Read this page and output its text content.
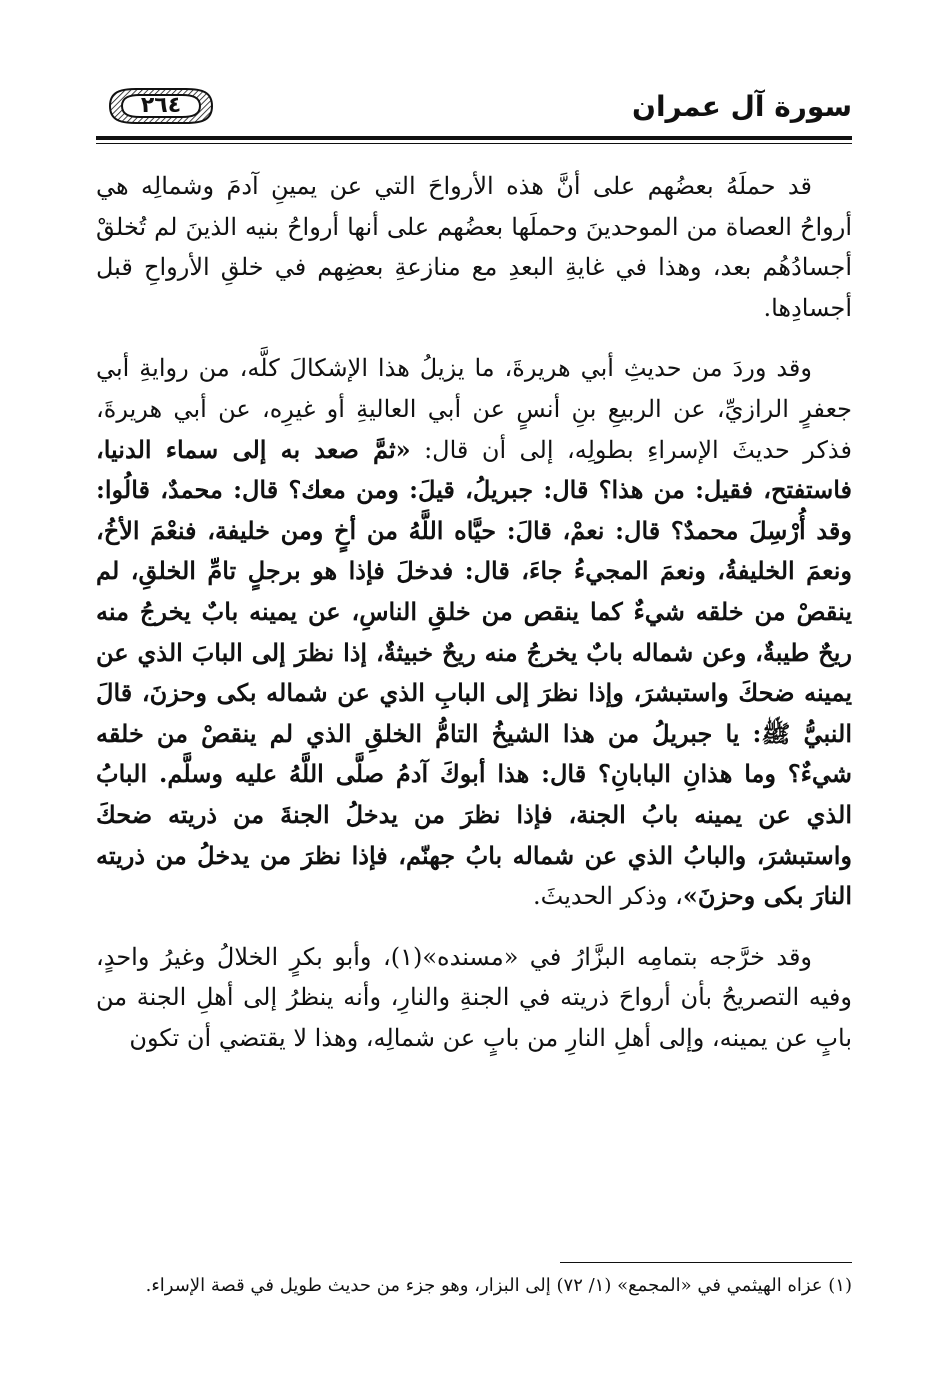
٢٦٤	سورة آل عمران

قد حملَهُ بعضُهم على أنَّ هذه الأرواحَ التي عن يمينِ آدمَ وشمالِه هي أرواحُ العصاة من الموحدينَ وحملَها بعضُهم على أنها أرواحُ بنيه الذينَ لم تُخلقْ أجسادُهُم بعد، وهذا في غايةِ البعدِ مع منازعةِ بعضِهم في خلقِ الأرواحِ قبل أجسادِها.

وقد وردَ من حديثِ أبي هريرةَ، ما يزيلُ هذا الإشكالَ كلَّه، من روايةِ أبي جعفرٍ الرازيِّ، عن الربيعِ بنِ أنسٍ عن أبي العاليةِ أو غيرِه، عن أبي هريرةَ، فذكر حديثَ الإسراءِ بطولِه، إلى أن قال: «ثمَّ صعد به إلى سماء الدنيا، فاستفتح، فقيل: من هذا؟ قال: جبريلُ، قيلَ: ومن معك؟ قال: محمدٌ، قالُوا: وقد أُرْسِلَ محمدٌ؟ قال: نعمْ، قالَ: حيَّاه اللَّهُ من أخٍ ومن خليفة، فنعْمَ الأخُ، ونعمَ الخليفةُ، ونعمَ المجيءُ جاءَ، قال: فدخلَ فإذا هو برجلٍ تامِّ الخلقِ، لم ينقصْ من خلقه شيءٌ كما ينقص من خلقِ الناسِ، عن يمينه بابٌ يخرجُ منه ريحٌ طيبةٌ، وعن شماله بابٌ يخرجُ منه ريحٌ خبيثةٌ، إذا نظرَ إلى البابَ الذي عن يمينه ضحكَ واستبشرَ، وإذا نظرَ إلى البابِ الذي عن شماله بكى وحزنَ، قالَ النبيُّ ﷺ: يا جبريلُ من هذا الشيخُ التامُّ الخلقِ الذي لم ينقصْ من خلقه شيءٌ؟ وما هذانِ البابانِ؟ قال: هذا أبوكَ آدمُ صلَّى اللَّهُ عليه وسلَّم. البابُ الذي عن يمينه بابُ الجنة، فإذا نظرَ من يدخلُ الجنةَ من ذريته ضحكَ واستبشرَ، والبابُ الذي عن شماله بابُ جهنّم، فإذا نظرَ من يدخلُ من ذريته النارَ بكى وحزنَ»، وذكر الحديثَ.

وقد خرَّجه بتمامِه البزَّارُ في «مسنده»(١)، وأبو بكرٍ الخلالُ وغيرُ واحدٍ، وفيه التصريحُ بأن أرواحَ ذريته في الجنةِ والنارِ، وأنه ينظرُ إلى أهلِ الجنة من بابٍ عن يمينه، وإلى أهلِ النارِ من بابٍ عن شمالِه، وهذا لا يقتضي أن تكون

(١) عزاه الهيثمي في «المجمع» (١/ ٧٢) إلى البزار، وهو جزء من حديث طويل في قصة الإسراء.
